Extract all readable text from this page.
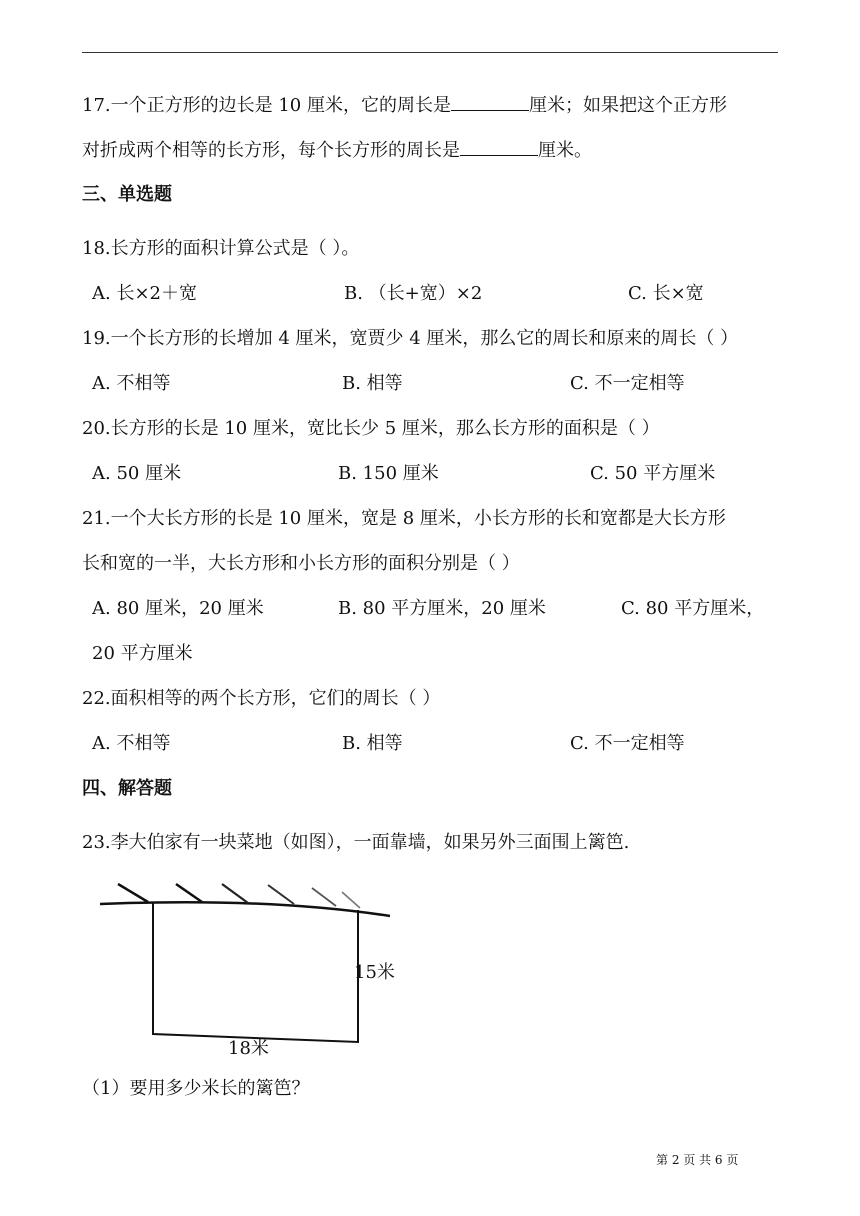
17.一个正方形的边长是 10 厘米，它的周长是	厘米；如果把这个正方形
对折成两个相等的长方形，每个长方形的周长是	厘米。
三、单选题
18.长方形的面积计算公式是（ ）。
A. 长×2＋宽	B. （长+宽）×2	C. 长×宽
19.一个长方形的长增加 4 厘米，宽贾少 4 厘米，那么它的周长和原来的周长（ ）
A. 不相等	B. 相等	C. 不一定相等
20.长方形的长是 10 厘米，宽比长少 5 厘米，那么长方形的面积是（ ）
A. 50 厘米	B. 150 厘米	C. 50 平方厘米
21.一个大长方形的长是 10 厘米，宽是 8 厘米，小长方形的长和宽都是大长方形
长和宽的一半，大长方形和小长方形的面积分别是（ ）
A. 80 厘米，20 厘米	B. 80 平方厘米，20 厘米	C. 80 平方厘米，
20 平方厘米
22.面积相等的两个长方形，它们的周长（ ）
A. 不相等	B. 相等	C. 不一定相等
四、解答题
23.李大伯家有一块菜地（如图），一面靠墙，如果另外三面围上篱笆.
15米
18米
（1）要用多少米长的篱笆？
第 2 页 共 6 页
